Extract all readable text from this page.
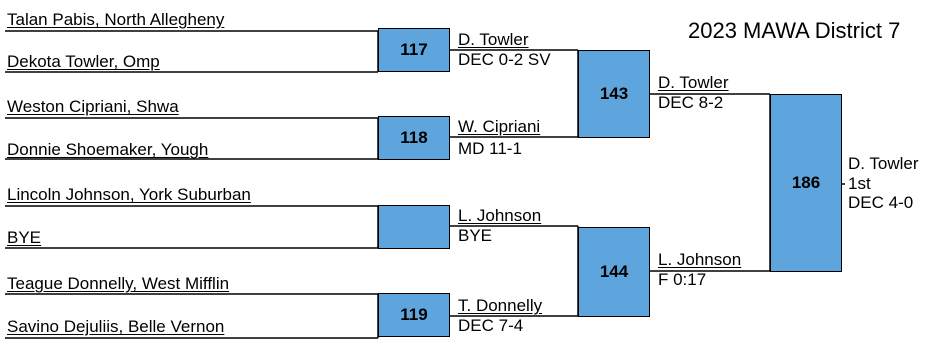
2023 MAWA District 7
Talan Pabis, North Allegheny
Dekota Towler, Omp
Weston Cipriani, Shwa
Donnie Shoemaker, Yough
Lincoln Johnson, York Suburban
BYE
Teague Donnelly, West Mifflin
Savino Dejuliis, Belle Vernon
117
118
119
D. Towler
DEC 0-2 SV
W. Cipriani
MD 11-1
L. Johnson
BYE
T. Donnelly
DEC 7-4
143
144
D. Towler
DEC 8-2
L. Johnson
F 0:17
186
D. Towler
1st
DEC 4-0
